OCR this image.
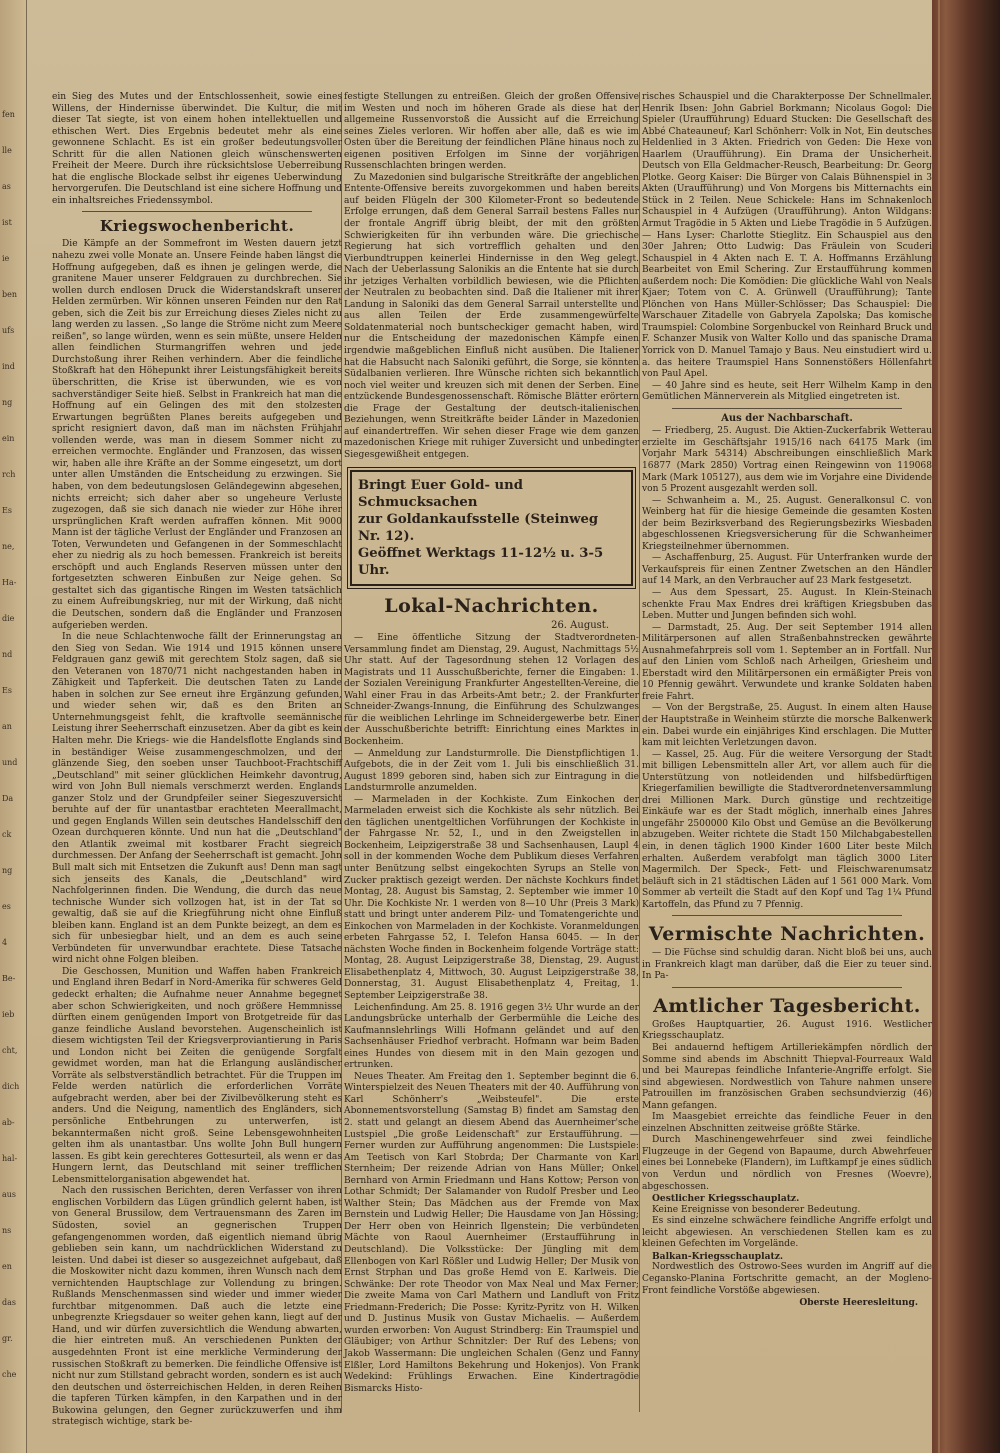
fen
lle
as
ist
ie
ben
ufs
ind
ng
ein
rch
Es
ne,
Ha-
die
nd
Es
an
und
Da
ck
ng
es
4
Be-
ieb
cht,
dich
ab-
hal-
aus
ns
en
das
gr.
che

ein Sieg des Mutes und der Entschlossenheit, sowie eines Willens, der Hindernisse überwindet. Die Kultur, die mit dieser Tat siegte, ist von einem hohen intellektuellen und ethischen Wert. Dies Ergebnis bedeutet mehr als eine gewonnene Schlacht. Es ist ein großer bedeutungsvoller Schritt für die allen Nationen gleich wünschenswerten Freiheit der Meere. Durch ihre rücksichtslose Ueberreibung hat die englische Blockade selbst ihr eigenes Ueberwindung hervorgerufen. Die Deutschland ist eine sichere Hoffnung und ein inhaltsreiches Friedenssymbol.

Kriegswochenbericht.

Die Kämpfe an der Sommefront im Westen dauern jetzt nahezu zwei volle Monate an. Unsere Feinde haben längst die Hoffnung aufgegeben, daß es ihnen je gelingen werde, die granitene Mauer unserer Feldgrauen zu durchbrechen. Sie wollen durch endlosen Druck die Widerstandskraft unserer Helden zermürben. Wir können unseren Feinden nur den Rat geben, sich die Zeit bis zur Erreichung dieses Zieles nicht zu lang werden zu lassen. „So lange die Ströme nicht zum Meere reißen", so lange würden, wenn es sein müßte, unsere Helden allen feindlichen Sturmangriffen wehren und jede Durchstoßung ihrer Reihen verhindern. Aber die feindliche Stoßkraft hat den Höhepunkt ihrer Leistungsfähigkeit bereits überschritten, die Krise ist überwunden, wie es von sachverständiger Seite hieß. Selbst in Frankreich hat man die Hoffnung auf ein Gelingen des mit den stolzesten Erwartungen begrüßten Planes bereits aufgegeben und spricht resigniert davon, daß man im nächsten Frühjahr vollenden werde, was man in diesem Sommer nicht zu erreichen vermochte. Engländer und Franzosen, das wissen wir, haben alle ihre Kräfte an der Somme eingesetzt, um dort unter allen Umständen die Entscheidung zu erzwingen. Sie haben, von dem bedeutungslosen Geländegewinn abgesehen, nichts erreicht; sich daher aber so ungeheure Verluste zugezogen, daß sie sich danach nie wieder zur Höhe ihrer ursprünglichen Kraft werden aufraffen können. Mit 9000 Mann ist der tägliche Verlust der Engländer und Franzosen an Toten, Verwundeten und Gefangenen in der Sommeschlacht eher zu niedrig als zu hoch bemessen. Frankreich ist bereits erschöpft und auch Englands Reserven müssen unter den fortgesetzten schweren Einbußen zur Neige gehen. So gestaltet sich das gigantische Ringen im Westen tatsächlich zu einem Aufreibungskrieg, nur mit der Wirkung, daß nicht die Deutschen, sondern daß die Engländer und Franzosen aufgerieben werden.

In die neue Schlachtenwoche fällt der Erinnerungstag an den Sieg von Sedan. Wie 1914 und 1915 können unsere Feldgrauen ganz gewiß mit gerechtem Stolz sagen, daß sie den Veteranen von 1870/71 nicht nachgestanden haben in Zähigkeit und Tapferkeit. Die deutschen Taten zu Lande haben in solchen zur See erneut ihre Ergänzung gefunden, und wieder sehen wir, daß es den Briten an Unternehmungsgeist fehlt, die kraftvolle seemännische Leistung ihrer Seeherrschaft einzusetzen. Aber da gibt es kein Halten mehr. Die Kriegs- wie die Handelsflotte Englands sind in beständiger Weise zusammengeschmolzen, und der glänzende Sieg, den soeben unser Tauchboot-Frachtschiff „Deutschland" mit seiner glücklichen Heimkehr davontrug, wird von John Bull niemals verschmerzt werden. Englands ganzer Stolz und der Grundpfeiler seiner Siegeszuversicht beruhte auf der für unantastbar erachteten Meerallmacht, und gegen Englands Willen sein deutsches Handelsschiff den Ozean durchqueren könnte. Und nun hat die „Deutschland" den Atlantik zweimal mit kostbarer Fracht siegreich durchmessen. Der Anfang der Seeherrschaft ist gemacht. John Bull malt sich mit Entsetzen die Zukunft aus! Denn man sagt sich jenseits des Kanals, die „Deutschland" wird Nachfolgerinnen finden. Die Wendung, die durch das neue technische Wunder sich vollzogen hat, ist in der Tat so gewaltig, daß sie auf die Kriegführung nicht ohne Einfluß bleiben kann. England ist an dem Punkte beizegt, an dem es sich für unbesiegbar hielt, und an dem es auch seine Verbündeten für unverwundbar erachtete. Diese Tatsache wird nicht ohne Folgen bleiben.

Die Geschossen, Munition und Waffen haben Frankreich und England ihren Bedarf in Nord-Amerika für schweres Geld gedeckt erhalten; die Aufnahme neuer Annahme begegnet aber schon Schwierigkeiten, und noch größere Hemmnisse dürften einem genügenden Import von Brotgetreide für das ganze feindliche Ausland bevorstehen. Augenscheinlich ist diesem wichtigsten Teil der Kriegsverproviantierung in Paris und London nicht bei Zeiten die genügende Sorgfalt gewidmet worden, man hat die Erlangung ausländischer Vorräte als selbstverständlich betrachtet. Für die Truppen im Felde werden natürlich die erforderlichen Vorräte aufgebracht werden, aber bei der Zivilbevölkerung steht es anders. Und die Neigung, namentlich des Engländers, sich persönliche Entbehrungen zu unterwerfen, ist bekanntermaßen nicht groß. Seine Lebensgewohnheiten gelten ihm als unantastbar. Uns wollte John Bull hungern lassen. Es gibt kein gerechteres Gottesurteil, als wenn er das Hungern lernt, das Deutschland mit seiner trefflichen Lebensmittelorganisation abgewendet hat.

Nach den russischen Berichten, deren Verfasser von ihren englischen Vorbildern das Lügen gründlich gelernt haben, ist von General Brussilow, dem Vertrauensmann des Zaren im Südosten, soviel an gegnerischen Truppen gefangengenommen worden, daß eigentlich niemand übrig geblieben sein kann, um nachdrücklichen Widerstand zu leisten. Und dabei ist dieser so ausgezeichnet aufgebaut, daß die Moskowiter nicht dazu kommen, ihren Wunsch nach dem vernichtenden Hauptschlage zur Vollendung zu bringen. Rußlands Menschenmassen sind wieder und immer wieder furchtbar mitgenommen. Daß auch die letzte eine unbegrenzte Kriegsdauer so weiter gehen kann, liegt auf der Hand, und wir dürfen zuversichtlich die Wendung abwarten, die hier eintreten muß. An verschiedenen Punkten der ausgedehnten Front ist eine merkliche Verminderung der russischen Stoßkraft zu bemerken. Die feindliche Offensive ist nicht nur zum Stillstand gebracht worden, sondern es ist auch den deutschen und österreichischen Helden, in deren Reihen die tapferen Türken kämpfen, in den Karpathen und in der Bukowina gelungen, den Gegner zurückzuwerfen und ihm strategisch wichtige, stark be-

festigte Stellungen zu entreißen. Gleich der großen Offensive im Westen und noch im höheren Grade als diese hat der allgemeine Russenvorstoß die Aussicht auf die Erreichung seines Zieles verloren. Wir hoffen aber alle, daß es wie im Osten über die Bereitung der feindlichen Pläne hinaus noch zu eigenen positiven Erfolgen im Sinne der vorjährigen Russenschlachten bringen werden.

Zu Mazedonien sind bulgarische Streitkräfte der angeblichen Entente-Offensive bereits zuvorgekommen und haben bereits auf beiden Flügeln der 300 Kilometer-Front so bedeutende Erfolge errungen, daß dem General Sarrail bestens Falles nur der frontale Angriff übrig bleibt, der mit den größten Schwierigkeiten für ihn verbunden wäre. Die griechische Regierung hat sich vortrefflich gehalten und den Vierbundtruppen keinerlei Hindernisse in den Weg gelegt. Nach der Ueberlassung Salonikis an die Entente hat sie durch ihr jetziges Verhalten vorbildlich bewiesen, wie die Pflichten der Neutralen zu beobachten sind. Daß die Italiener mit ihrer Landung in Saloniki das dem General Sarrail unterstellte und aus allen Teilen der Erde zusammengewürfelte Soldatenmaterial noch buntscheckiger gemacht haben, wird nur die Entscheidung der mazedonischen Kämpfe einen irgendwie maßgeblichen Einfluß nicht ausüben. Die Italiener hat die Habsucht nach Saloniki geführt, die Sorge, sie könnten Südalbanien verlieren. Ihre Wünsche richten sich bekanntlich noch viel weiter und kreuzen sich mit denen der Serben. Eine entzückende Bundesgenossenschaft. Römische Blätter erörtern die Frage der Gestaltung der deutsch-italienischen Beziehungen, wenn Streitkräfte beider Länder in Mazedonien auf einandertreffen. Wir sehen dieser Frage wie dem ganzen mazedonischen Kriege mit ruhiger Zuversicht und unbedingter Siegesgewißheit entgegen.

Bringt Euer Gold- und Schmucksachen
zur Goldankaufsstelle (Steinweg Nr. 12).
Geöffnet Werktags 11-12½ u. 3-5 Uhr.
Lokal-Nachrichten.
26. August.

— Eine öffentliche Sitzung der Stadtverordneten-Versammlung findet am Dienstag, 29. August, Nachmittags 5½ Uhr statt. Auf der Tagesordnung stehen 12 Vorlagen des Magistrats und 11 Ausschußberichte, ferner die Eingaben: 1. der Sozialen Vereinigung Frankfurter Angestellten-Vereine, die Wahl einer Frau in das Arbeits-Amt betr.; 2. der Frankfurter Schneider-Zwangs-Innung, die Einführung des Schulzwanges für die weiblichen Lehrlinge im Schneidergewerbe betr. Einer der Ausschußberichte betrifft: Einrichtung eines Marktes in Bockenheim.

— Anmeldung zur Landsturmrolle. Die Dienstpflichtigen 1. Aufgebots, die in der Zeit vom 1. Juli bis einschließlich 31. August 1899 geboren sind, haben sich zur Eintragung in die Landsturmrolle anzumelden.

— Marmeladen in der Kochkiste. Zum Einkochen der Marmeladen erweist sich die Kochkiste als sehr nützlich. Bei den täglichen unentgeltlichen Vorführungen der Kochkiste in der Fahrgasse Nr. 52, I., und in den Zweigstellen in Bockenheim, Leipzigerstraße 38 und Sachsenhausen, Laupl 4 soll in der kommenden Woche dem Publikum dieses Verfahren unter Benützung selbst eingekochten Syrups an Stelle von Zucker praktisch gezeigt werden. Der nächste Kochkurs findet Montag, 28. August bis Samstag, 2. September wie immer 10 Uhr. Die Kochkiste Nr. 1 werden von 8—10 Uhr (Preis 3 Mark) statt und bringt unter anderem Pilz- und Tomatengerichte und Einkochen von Marmeladen in der Kochkiste. Voranmeldungen erbeten Fahrgasse 52, I. Telefon Hansa 6045. — In der nächsten Woche finden in Bockenheim folgende Vorträge statt: Montag, 28. August Leipzigerstraße 38, Dienstag, 29. August Elisabethenplatz 4, Mittwoch, 30. August Leipzigerstraße 38, Donnerstag, 31. August Elisabethenplatz 4, Freitag, 1. September Leipzigerstraße 38.

Leichenfindung. Am 25. 8. 1916 gegen 3½ Uhr wurde an der Landungsbrücke unterhalb der Gerbermühle die Leiche des Kaufmannslehrlings Willi Hofmann geländet und auf den Sachsenhäuser Friedhof verbracht. Hofmann war beim Baden eines Hundes von diesem mit in den Main gezogen und ertrunken.

Neues Theater. Am Freitag den 1. September beginnt die 6. Winterspielzeit des Neuen Theaters mit der 40. Aufführung von Karl Schönherr's „Weibsteufel". Die erste Abonnementsvorstellung (Samstag B) findet am Samstag den 2. statt und gelangt an diesem Abend das Auernheimer'sche Lustspiel „Die große Leidenschaft" zur Erstaufführung. — Ferner wurden zur Aufführung angenommen: Die Lustspiele: Am Teetisch von Karl Stobrda; Der Charmante von Karl Sternheim; Der reizende Adrian von Hans Müller; Onkel Bernhard von Armin Friedmann und Hans Kottow; Person von Lothar Schmidt; Der Salamander von Rudolf Presber und Leo Walther Stein; Das Mädchen aus der Fremde von Max Bernstein und Ludwig Heller; Die Hausdame von Jan Hössing; Der Herr oben von Heinrich Ilgenstein; Die verbündeten Mächte von Raoul Auernheimer (Erstaufführung in Deutschland). Die Volksstücke: Der Jüngling mit dem Ellenbogen von Karl Rößler und Ludwig Heller; Der Musik von Ernst Strphan und Das große Hemd von E. Karlweis. Die Schwänke: Der rote Theodor von Max Neal und Max Ferner; Die zweite Mama von Carl Mathern und Landluft von Fritz Friedmann-Frederich; Die Posse: Kyritz-Pyritz von H. Wilken und D. Justinus Musik von Gustav Michaelis. — Außerdem wurden erworben: Von August Strindberg: Ein Traumspiel und Gläubiger; von Arthur Schnitzler: Der Ruf des Lebens; von Jakob Wassermann: Die ungleichen Schalen (Genz und Fanny Elßler, Lord Hamiltons Bekehrung und Hokenjos). Von Frank Wedekind: Frühlings Erwachen. Eine Kindertragödie Bismarcks Histo-

risches Schauspiel und die Charakterposse Der Schnellmaler. Henrik Ibsen: John Gabriel Borkmann; Nicolaus Gogol: Die Spieler (Uraufführung) Eduard Stucken: Die Gesellschaft des Abbé Chateauneuf; Karl Schönherr: Volk in Not, Ein deutsches Heldenlied in 3 Akten. Friedrich von Geden: Die Hexe von Haarlem (Uraufführung). Ein Drama der Unsicherheit. Deutsch von Ella Geldmacher-Reusch, Bearbeitung: Dr. Georg Plotke. Georg Kaiser: Die Bürger von Calais Bühnenspiel in 3 Akten (Uraufführung) und Von Morgens bis Mitternachts ein Stück in 2 Teilen. Neue Schickele: Hans im Schnakenloch Schauspiel in 4 Aufzügen (Uraufführung). Anton Wildgans: Armut Tragödie in 5 Akten und Liebe Tragödie in 5 Aufzügen. — Hans Lyser: Charlotte Stieglitz. Ein Schauspiel aus den 30er Jahren; Otto Ludwig: Das Fräulein von Scuderi Schauspiel in 4 Akten nach E. T. A. Hoffmanns Erzählung Bearbeitet von Emil Schering. Zur Erstaufführung kommen außerdem noch: Die Komödien: Die glückliche Wahl von Neals Kjaer; Totem von C. A. Grünwell (Uraufführung); Tante Plönchen von Hans Müller-Schlösser; Das Schauspiel: Die Warschauer Zitadelle von Gabryela Zapolska; Das komische Traumspiel: Colombine Sorgenbuckel von Reinhard Bruck und F. Schanzer Musik von Walter Kollo und das spanische Drama Yorrick von D. Manuel Tamajo y Baus. Neu einstudiert wird u. a. das heitere Traumspiel Hans Sonnenstößers Höllenfahrt von Paul Apel.

— 40 Jahre sind es heute, seit Herr Wilhelm Kamp in den Gemütlichen Männerverein als Mitglied eingetreten ist.

Aus der Nachbarschaft.

— Friedberg, 25. August. Die Aktien-Zuckerfabrik Wetterau erzielte im Geschäftsjahr 1915/16 nach 64175 Mark (im Vorjahr Mark 54314) Abschreibungen einschließlich Mark 16877 (Mark 2850) Vortrag einen Reingewinn von 119068 Mark (Mark 105127), aus dem wie im Vorjahre eine Dividende von 5 Prozent ausgezahlt werden soll.

— Schwanheim a. M., 25. August. Generalkonsul C. von Weinberg hat für die hiesige Gemeinde die gesamten Kosten der beim Bezirksverband des Regierungsbezirks Wiesbaden abgeschlossenen Kriegsversicherung für die Schwanheimer Kriegsteilnehmer übernommen.

— Aschaffenburg, 25. August. Für Unterfranken wurde der Verkaufspreis für einen Zentner Zwetschen an den Händler auf 14 Mark, an den Verbraucher auf 23 Mark festgesetzt.

— Aus dem Spessart, 25. August. In Klein-Steinach schenkte Frau Max Endres drei kräftigen Kriegsbuben das Leben. Mutter und Jungen befinden sich wohl.

— Darmstadt, 25. Aug. Der seit September 1914 allen Militärpersonen auf allen Straßenbahnstrecken gewährte Ausnahmefahrpreis soll vom 1. September an in Fortfall. Nur auf den Linien vom Schloß nach Arheilgen, Griesheim und Eberstadt wird den Militärpersonen ein ermäßigter Preis von 10 Pfennig gewährt. Verwundete und kranke Soldaten haben freie Fahrt.

— Von der Bergstraße, 25. August. In einem alten Hause der Hauptstraße in Weinheim stürzte die morsche Balkenwerk ein. Dabei wurde ein einjähriges Kind erschlagen. Die Mutter kam mit leichten Verletzungen davon.

— Kassel, 25. Aug. Für die weitere Versorgung der Stadt mit billigen Lebensmitteln aller Art, vor allem auch für die Unterstützung von notleidenden und hilfsbedürftigen Kriegerfamilien bewilligte die Stadtverordnetenversammlung drei Millionen Mark. Durch günstige und rechtzeitige Einkäufe war es der Stadt möglich, innerhalb eines Jahres ungefähr 2500000 Kilo Obst und Gemüse an die Bevölkerung abzugeben. Weiter richtete die Stadt 150 Milchabgabestellen ein, in denen täglich 1900 Kinder 1600 Liter beste Milch erhalten. Außerdem verabfolgt man täglich 3000 Liter Magermilch. Der Speck-, Fett- und Fleischwarenumsatz beläuft sich in 21 städtischen Läden auf 1 561 000 Mark. Vom Sommer ab verteilt die Stadt auf den Kopf und Tag 1¼ Pfund Kartoffeln, das Pfund zu 7 Pfennig.

Vermischte Nachrichten.

— Die Füchse sind schuldig daran. Nicht bloß bei uns, auch in Frankreich klagt man darüber, daß die Eier zu teuer sind. In Pa-

Amtlicher Tagesbericht.

Großes Hauptquartier, 26. August 1916. Westlicher Kriegsschauplatz.

Bei andauernd heftigem Artilleriekämpfen nördlich der Somme sind abends im Abschnitt Thiepval-Fourreaux Wald und bei Maurepas feindliche Infanterie-Angriffe erfolgt. Sie sind abgewiesen. Nordwestlich von Tahure nahmen unsere Patrouillen im französischen Graben sechsundvierzig (46) Mann gefangen.

Im Maasgebiet erreichte das feindliche Feuer in den einzelnen Abschnitten zeitweise größte Stärke.

Durch Maschinengewehrfeuer sind zwei feindliche Flugzeuge in der Gegend von Bapaume, durch Abwehrfeuer eines bei Lonnebeke (Flandern), im Luftkampf je eines südlich von Verdun und nördlich von Fresnes (Woevre), abgeschossen.

Oestlicher Kriegsschauplatz.

Keine Ereignisse von besonderer Bedeutung.

Es sind einzelne schwächere feindliche Angriffe erfolgt und leicht abgewiesen. An verschiedenen Stellen kam es zu kleinen Gefechten im Vorgelände.

Balkan-Kriegsschauplatz.

Nordwestlich des Ostrowo-Sees wurden im Angriff auf die Cegansko-Planina Fortschritte gemacht, an der Mogleno-Front feindliche Vorstöße abgewiesen.

Oberste Heeresleitung.
